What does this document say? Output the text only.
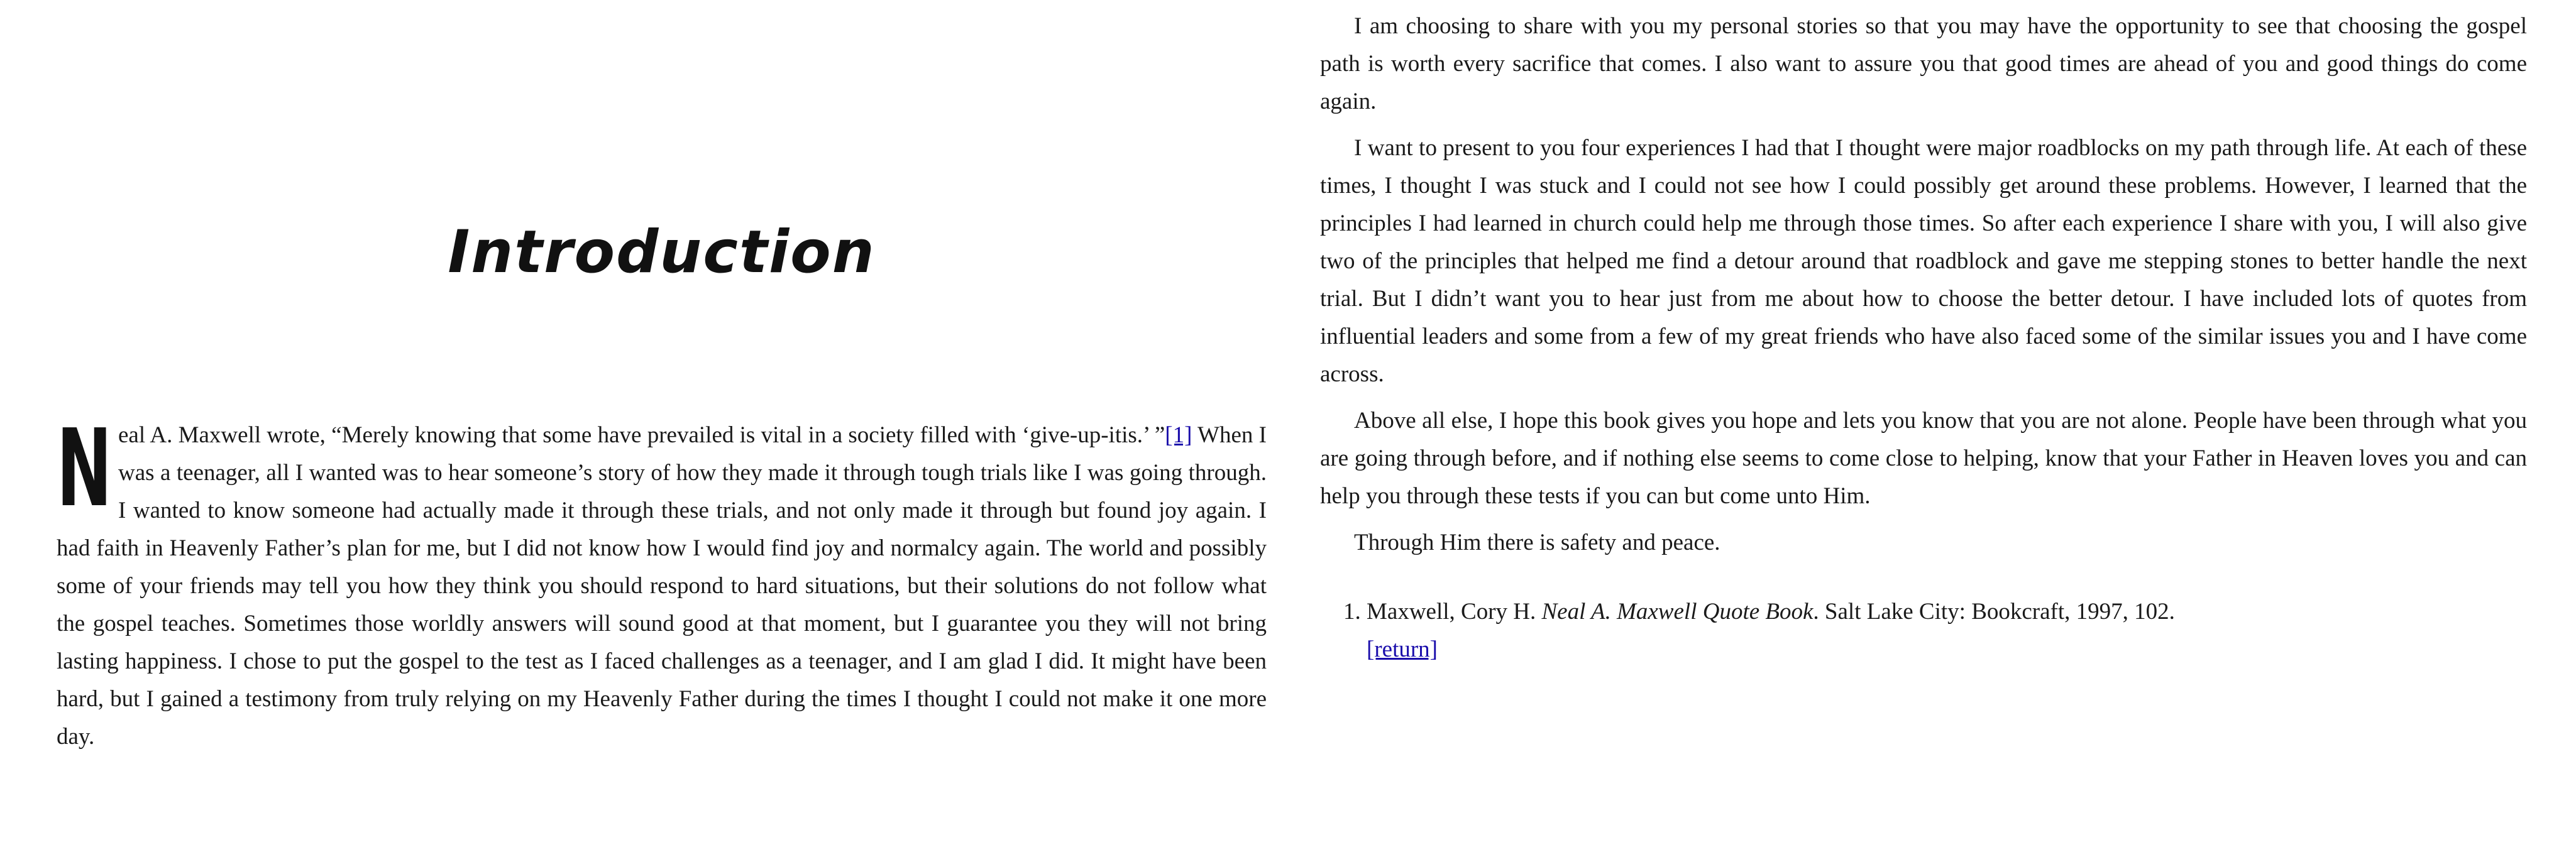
Introduction

Neal A. Maxwell wrote, “Merely knowing that some have prevailed is vital in a society filled with ‘give-up-itis.’ ”[1] When I was a teenager, all I wanted was to hear someone’s story of how they made it through tough trials like I was going through. I wanted to know someone had actually made it through these trials, and not only made it through but found joy again. I had faith in Heavenly Father’s plan for me, but I did not know how I would find joy and normalcy again. The world and possibly some of your friends may tell you how they think you should respond to hard situations, but their solutions do not follow what the gospel teaches. Sometimes those worldly answers will sound good at that moment, but I guarantee you they will not bring lasting happiness. I chose to put the gospel to the test as I faced challenges as a teenager, and I am glad I did. It might have been hard, but I gained a testimony from truly relying on my Heavenly Father during the times I thought I could not make it one more day.

I am choosing to share with you my personal stories so that you may have the opportunity to see that choosing the gospel path is worth every sacrifice that comes. I also want to assure you that good times are ahead of you and good things do come again.

I want to present to you four experiences I had that I thought were major roadblocks on my path through life. At each of these times, I thought I was stuck and I could not see how I could possibly get around these problems. However, I learned that the principles I had learned in church could help me through those times. So after each experience I share with you, I will also give two of the principles that helped me find a detour around that roadblock and gave me stepping stones to better handle the next trial. But I didn’t want you to hear just from me about how to choose the better detour. I have included lots of quotes from influential leaders and some from a few of my great friends who have also faced some of the similar issues you and I have come across.

Above all else, I hope this book gives you hope and lets you know that you are not alone. People have been through what you are going through before, and if nothing else seems to come close to helping, know that your Father in Heaven loves you and can help you through these tests if you can but come unto Him.

Through Him there is safety and peace.

1. Maxwell, Cory H. Neal A. Maxwell Quote Book. Salt Lake City: Bookcraft, 1997, 102.
[return]
